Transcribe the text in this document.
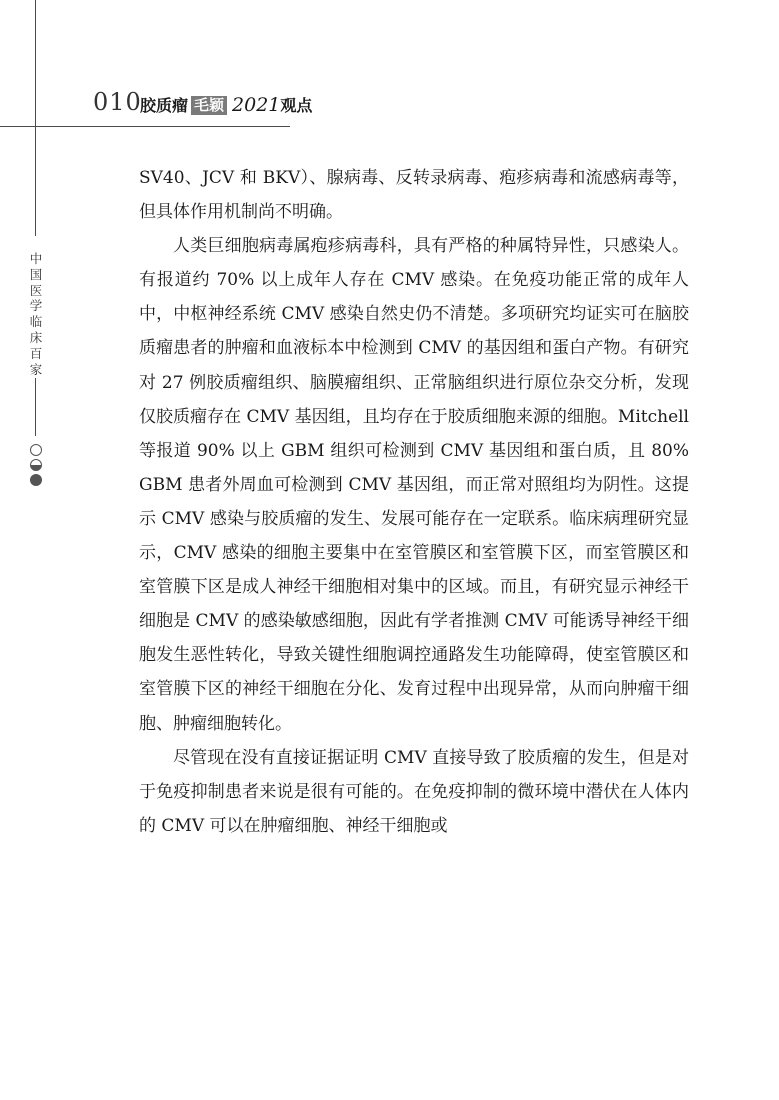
010
胶质瘤 毛颖 2021 观点
中国医学临床百家

SV40、JCV 和 BKV）、腺病毒、反转录病毒、疱疹病毒和流感病毒等，但具体作用机制尚不明确。

人类巨细胞病毒属疱疹病毒科，具有严格的种属特异性，只感染人。有报道约 70% 以上成年人存在 CMV 感染。在免疫功能正常的成年人中，中枢神经系统 CMV 感染自然史仍不清楚。多项研究均证实可在脑胶质瘤患者的肿瘤和血液标本中检测到 CMV 的基因组和蛋白产物。有研究对 27 例胶质瘤组织、脑膜瘤组织、正常脑组织进行原位杂交分析，发现仅胶质瘤存在 CMV 基因组，且均存在于胶质细胞来源的细胞。Mitchell 等报道 90% 以上 GBM 组织可检测到 CMV 基因组和蛋白质，且 80% GBM 患者外周血可检测到 CMV 基因组，而正常对照组均为阴性。这提示 CMV 感染与胶质瘤的发生、发展可能存在一定联系。临床病理研究显示，CMV 感染的细胞主要集中在室管膜区和室管膜下区，而室管膜区和室管膜下区是成人神经干细胞相对集中的区域。而且，有研究显示神经干细胞是 CMV 的感染敏感细胞，因此有学者推测 CMV 可能诱导神经干细胞发生恶性转化，导致关键性细胞调控通路发生功能障碍，使室管膜区和室管膜下区的神经干细胞在分化、发育过程中出现异常，从而向肿瘤干细胞、肿瘤细胞转化。

尽管现在没有直接证据证明 CMV 直接导致了胶质瘤的发生，但是对于免疫抑制患者来说是很有可能的。在免疫抑制的微环境中潜伏在人体内的 CMV 可以在肿瘤细胞、神经干细胞或
